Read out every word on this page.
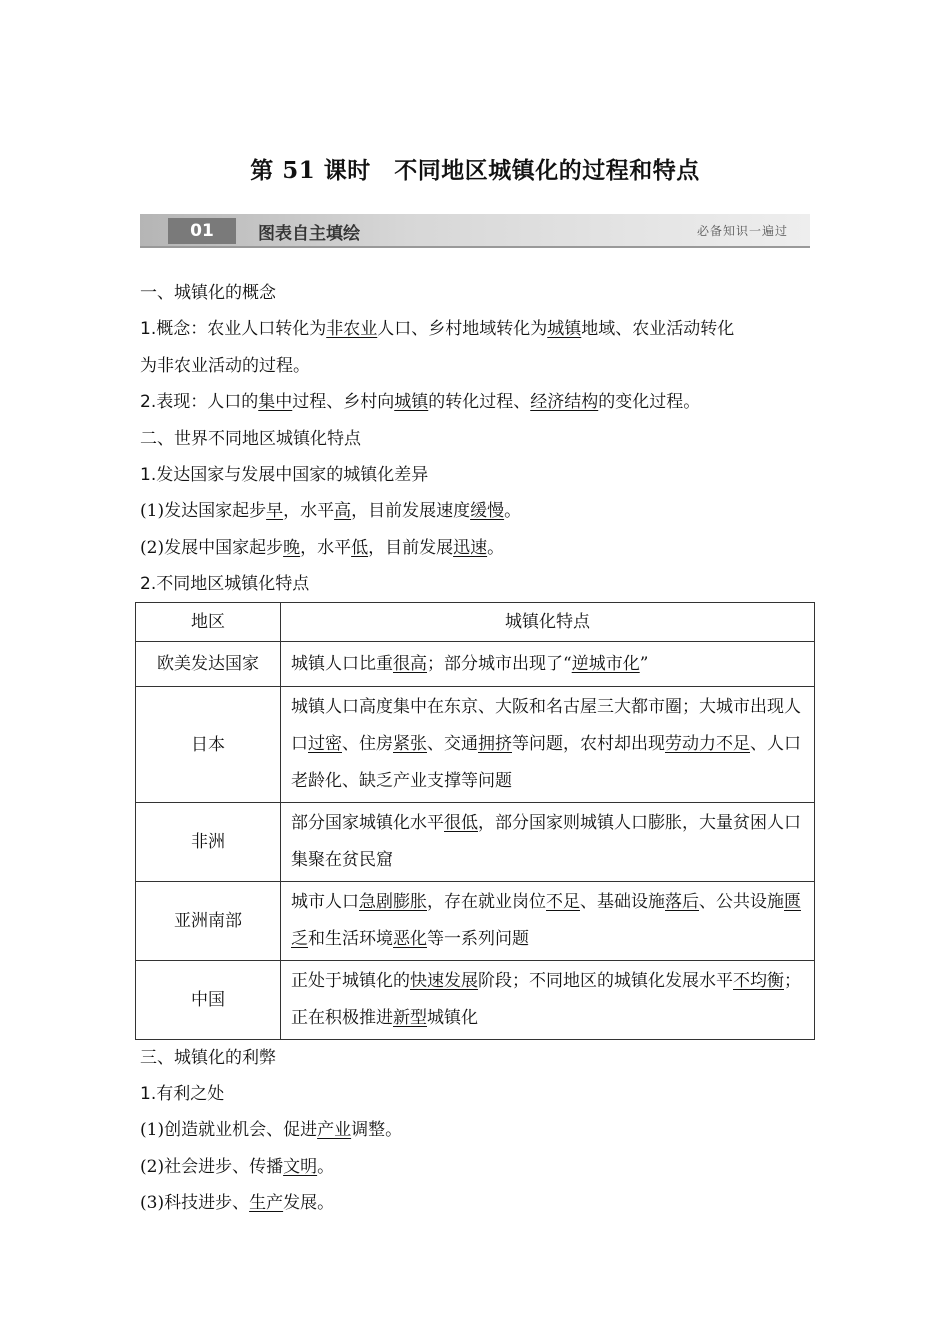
第 51 课时　不同地区城镇化的过程和特点
01	图表自主填绘	必备知识一遍过
一、城镇化的概念
1.概念：农业人口转化为非农业人口、乡村地域转化为城镇地域、农业活动转化
为非农业活动的过程。
2.表现：人口的集中过程、乡村向城镇的转化过程、经济结构的变化过程。
二、世界不同地区城镇化特点
1.发达国家与发展中国家的城镇化差异
(1)发达国家起步早，水平高，目前发展速度缓慢。
(2)发展中国家起步晚，水平低，目前发展迅速。
2.不同地区城镇化特点
地区	城镇化特点
欧美发达国家	城镇人口比重很高；部分城市出现了“逆城市化”
日本	城镇人口高度集中在东京、大阪和名古屋三大都市圈；大城市出现人口过密、住房紧张、交通拥挤等问题，农村却出现劳动力不足、人口老龄化、缺乏产业支撑等问题
非洲	部分国家城镇化水平很低，部分国家则城镇人口膨胀，大量贫困人口集聚在贫民窟
亚洲南部	城市人口急剧膨胀，存在就业岗位不足、基础设施落后、公共设施匮乏和生活环境恶化等一系列问题
中国	正处于城镇化的快速发展阶段；不同地区的城镇化发展水平不均衡；正在积极推进新型城镇化
三、城镇化的利弊
1.有利之处
(1)创造就业机会、促进产业调整。
(2)社会进步、传播文明。
(3)科技进步、生产发展。
